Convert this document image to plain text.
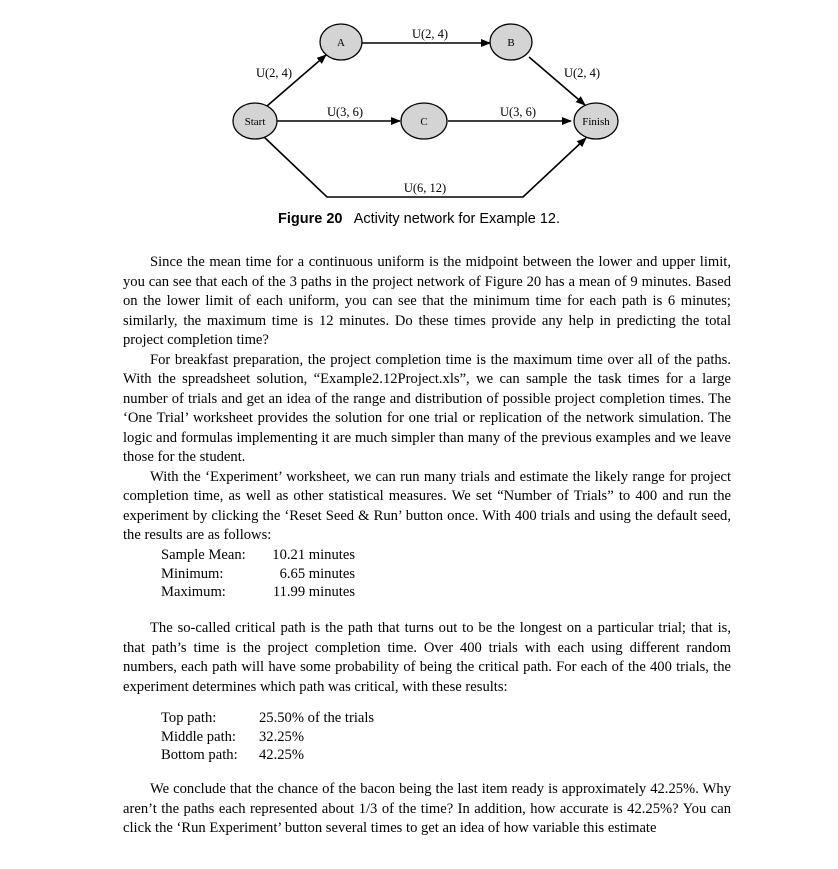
A	B
C
Start	Finish
U(2, 4)
U(2, 4)
U(2, 4)
U(3, 6)	U(3, 6)
U(6, 12)
Figure 20 Activity network for Example 12.

Since the mean time for a continuous uniform is the midpoint between the lower and upper limit, you can see that each of the 3 paths in the project network of Figure 20 has a mean of 9 minutes. Based on the lower limit of each uniform, you can see that the minimum time for each path is 6 minutes; similarly, the maximum time is 12 minutes. Do these times provide any help in predicting the total project completion time?

For breakfast preparation, the project completion time is the maximum time over all of the paths. With the spreadsheet solution, “Example2.12Project.xls”, we can sample the task times for a large number of trials and get an idea of the range and distribution of possible project completion times. The ‘One Trial’ worksheet provides the solution for one trial or replication of the network simulation. The logic and formulas implementing it are much simpler than many of the previous examples and we leave those for the student.

With the ‘Experiment’ worksheet, we can run many trials and estimate the likely range for project completion time, as well as other statistical measures. We set “Number of Trials” to 400 and run the experiment by clicking the ‘Reset Seed & Run’ button once. With 400 trials and using the default seed, the results are as follows:

Sample Mean:	10.21 minutes
Minimum:	6.65 minutes
Maximum:	11.99 minutes

The so-called critical path is the path that turns out to be the longest on a particular trial; that is, that path’s time is the project completion time. Over 400 trials with each using different random numbers, each path will have some probability of being the critical path. For each of the 400 trials, the experiment determines which path was critical, with these results:

Top path:	25.50% of the trials
Middle path:	32.25%
Bottom path:	42.25%

We conclude that the chance of the bacon being the last item ready is approximately 42.25%. Why aren’t the paths each represented about 1/3 of the time? In addition, how accurate is 42.25%? You can click the ‘Run Experiment’ button several times to get an idea of how variable this estimate
